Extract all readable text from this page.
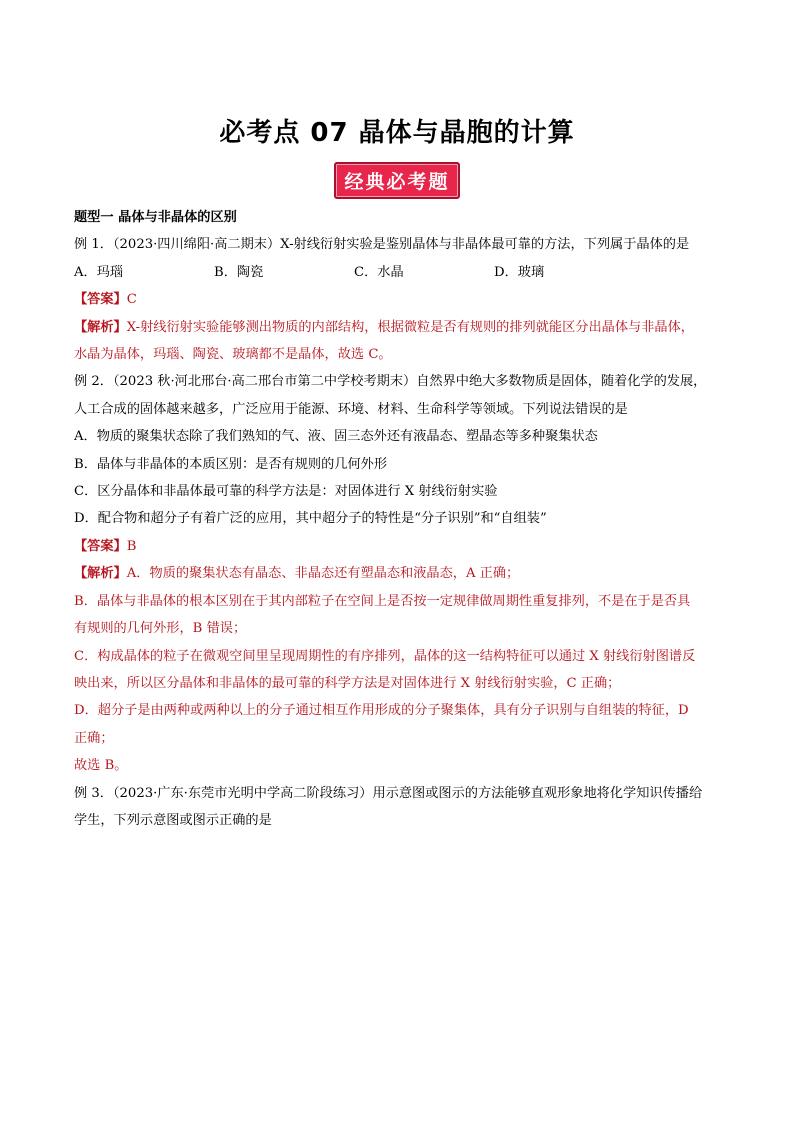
必考点 07 晶体与晶胞的计算
经典必考题
题型一 晶体与非晶体的区别
例 1．（2023·四川绵阳·高二期末）X-射线衍射实验是鉴别晶体与非晶体最可靠的方法，下列属于晶体的是
A．玛瑙	B．陶瓷	C．水晶	D．玻璃
【答案】C
【解析】X-射线衍射实验能够测出物质的内部结构，根据微粒是否有规则的排列就能区分出晶体与非晶体，
水晶为晶体，玛瑙、陶瓷、玻璃都不是晶体，故选 C。
例 2．（2023 秋·河北邢台·高二邢台市第二中学校考期末）自然界中绝大多数物质是固体，随着化学的发展，
人工合成的固体越来越多，广泛应用于能源、环境、材料、生命科学等领域。下列说法错误的是
A．物质的聚集状态除了我们熟知的气、液、固三态外还有液晶态、塑晶态等多种聚集状态
B．晶体与非晶体的本质区别：是否有规则的几何外形
C．区分晶体和非晶体最可靠的科学方法是：对固体进行 X 射线衍射实验
D．配合物和超分子有着广泛的应用，其中超分子的特性是“分子识别”和“自组装”
【答案】B
【解析】A．物质的聚集状态有晶态、非晶态还有塑晶态和液晶态，A 正确；
B．晶体与非晶体的根本区别在于其内部粒子在空间上是否按一定规律做周期性重复排列，不是在于是否具
有规则的几何外形，B 错误；
C．构成晶体的粒子在微观空间里呈现周期性的有序排列，晶体的这一结构特征可以通过 X 射线衍射图谱反
映出来，所以区分晶体和非晶体的最可靠的科学方法是对固体进行 X 射线衍射实验，C 正确；
D．超分子是由两种或两种以上的分子通过相互作用形成的分子聚集体，具有分子识别与自组装的特征，D
正确；
故选 B。
例 3．（2023·广东·东莞市光明中学高二阶段练习）用示意图或图示的方法能够直观形象地将化学知识传播给
学生，下列示意图或图示正确的是
